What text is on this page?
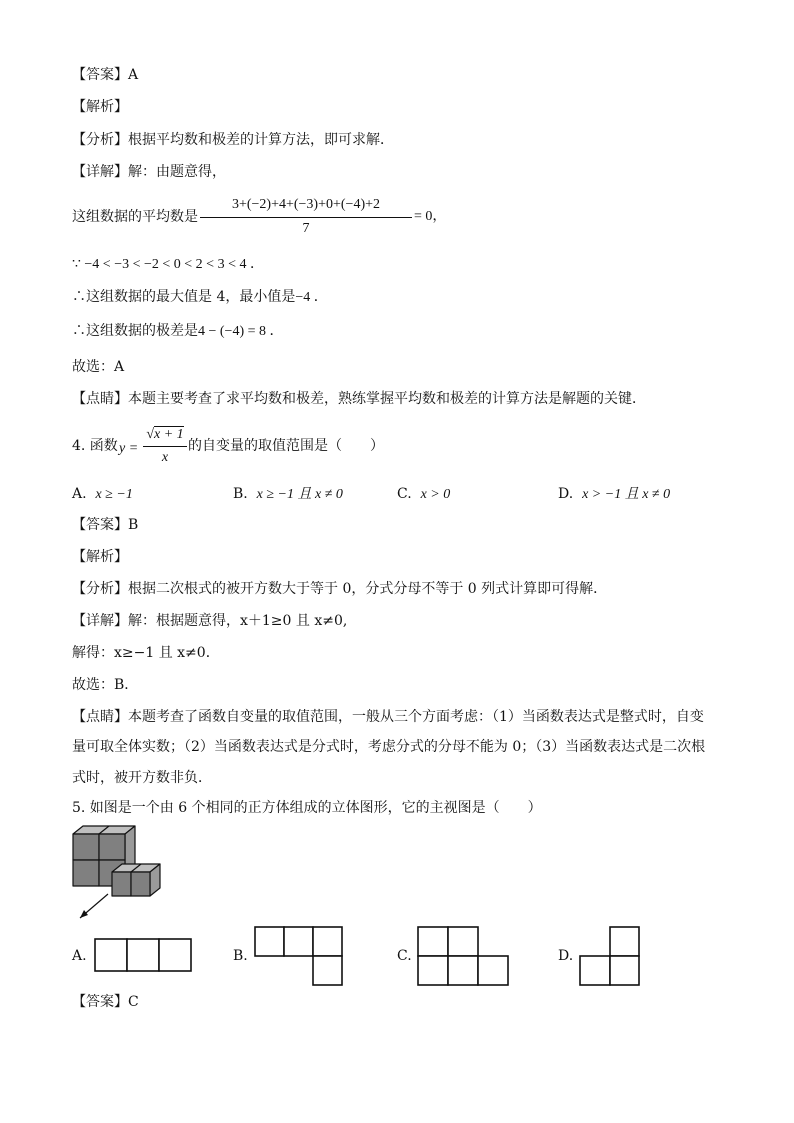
【答案】A
【解析】
【分析】根据平均数和极差的计算方法，即可求解．
【详解】解：由题意得，
这组数据的平均数是
3+(−2)+4+(−3)+0+(−4)+2
7
= 0，
∵ −4 < −3 < −2 < 0 < 2 < 3 < 4 ．
∴这组数据的最大值是 4，最小值是−4 ．
∴这组数据的极差是4 − (−4) = 8 ．
故选：A
【点睛】本题主要考查了求平均数和极差，熟练掌握平均数和极差的计算方法是解题的关键．
4. 函数 y =
√x + 1
x
的自变量的取值范围是（　　）
A. x ≥ −1	B. x ≥ −1 且 x ≠ 0	C. x > 0	D. x > −1 且 x ≠ 0
【答案】B
【解析】
【分析】根据二次根式的被开方数大于等于 0，分式分母不等于 0 列式计算即可得解．
【详解】解：根据题意得，x＋1≥0 且 x≠0,
解得：x≥−1 且 x≠0．
故选：B．
【点睛】本题考查了函数自变量的取值范围，一般从三个方面考虑：（1）当函数表达式是整式时，自变
量可取全体实数；（2）当函数表达式是分式时，考虑分式的分母不能为 0；（3）当函数表达式是二次根
式时，被开方数非负．
5. 如图是一个由 6 个相同的正方体组成的立体图形，它的主视图是（　　）
A.	B.	C.	D.
【答案】C
